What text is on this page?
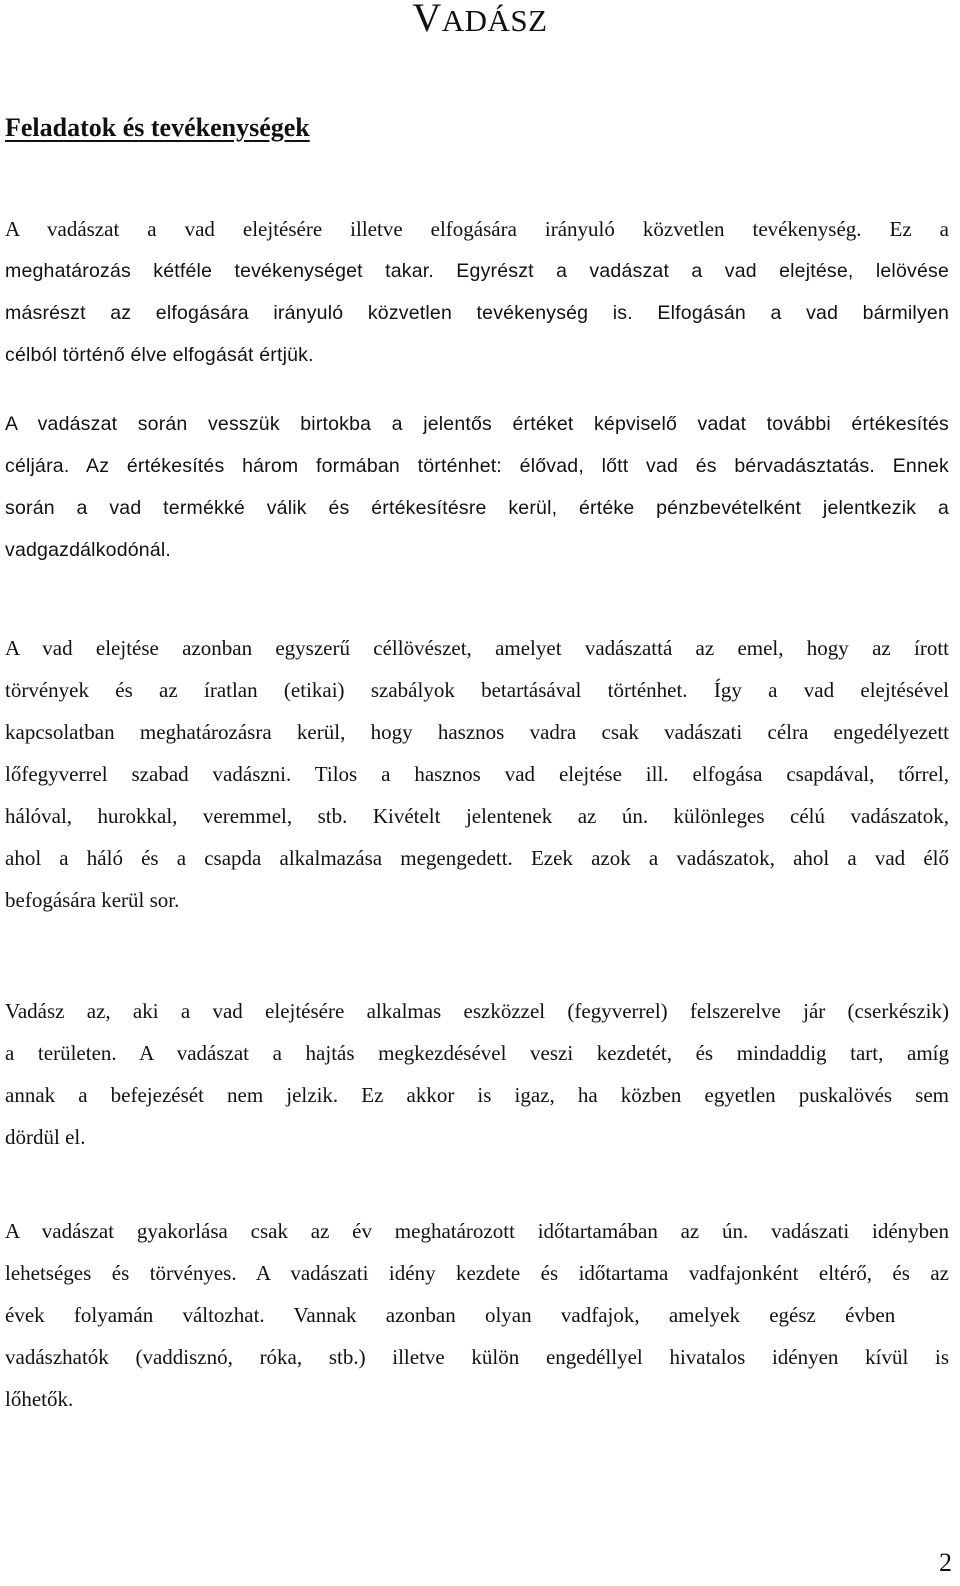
VADÁSZ
Feladatok és tevékenységek
A vadászat a vad elejtésére illetve elfogására irányuló közvetlen tevékenység. Ez a
meghatározás kétféle tevékenységet takar. Egyrészt a vadászat a vad elejtése, lelövése
másrészt az elfogására irányuló közvetlen tevékenység is. Elfogásán a vad bármilyen
célból történő élve elfogását értjük.
A vadászat során vesszük birtokba a jelentős értéket képviselő vadat további értékesítés
céljára. Az értékesítés három formában történhet: élővad, lőtt vad és bérvadásztatás. Ennek
során a vad termékké válik és értékesítésre kerül, értéke pénzbevételként jelentkezik a
vadgazdálkodónál.
A vad elejtése azonban egyszerű céllövészet, amelyet vadászattá az emel, hogy az írott
törvények és az íratlan (etikai) szabályok betartásával történhet. Így a vad elejtésével
kapcsolatban meghatározásra kerül, hogy hasznos vadra csak vadászati célra engedélyezett
lőfegyverrel szabad vadászni. Tilos a hasznos vad elejtése ill. elfogása csapdával, tőrrel,
hálóval, hurokkal, veremmel, stb. Kivételt jelentenek az ún. különleges célú vadászatok,
ahol a háló és a csapda alkalmazása megengedett. Ezek azok a vadászatok, ahol a vad élő
befogására kerül sor.
Vadász az, aki a vad elejtésére alkalmas eszközzel (fegyverrel) felszerelve jár (cserkészik)
a területen. A vadászat a hajtás megkezdésével veszi kezdetét, és mindaddig tart, amíg
annak a befejezését nem jelzik. Ez akkor is igaz, ha közben egyetlen puskalövés sem
dördül el.
A vadászat gyakorlása csak az év meghatározott időtartamában az ún. vadászati idényben
lehetséges és törvényes. A vadászati idény kezdete és időtartama vadfajonként eltérő, és az
évek folyamán változhat. Vannak azonban olyan vadfajok, amelyek egész évben
vadászhatók (vaddisznó, róka, stb.) illetve külön engedéllyel hivatalos idényen kívül is
lőhetők.

2
